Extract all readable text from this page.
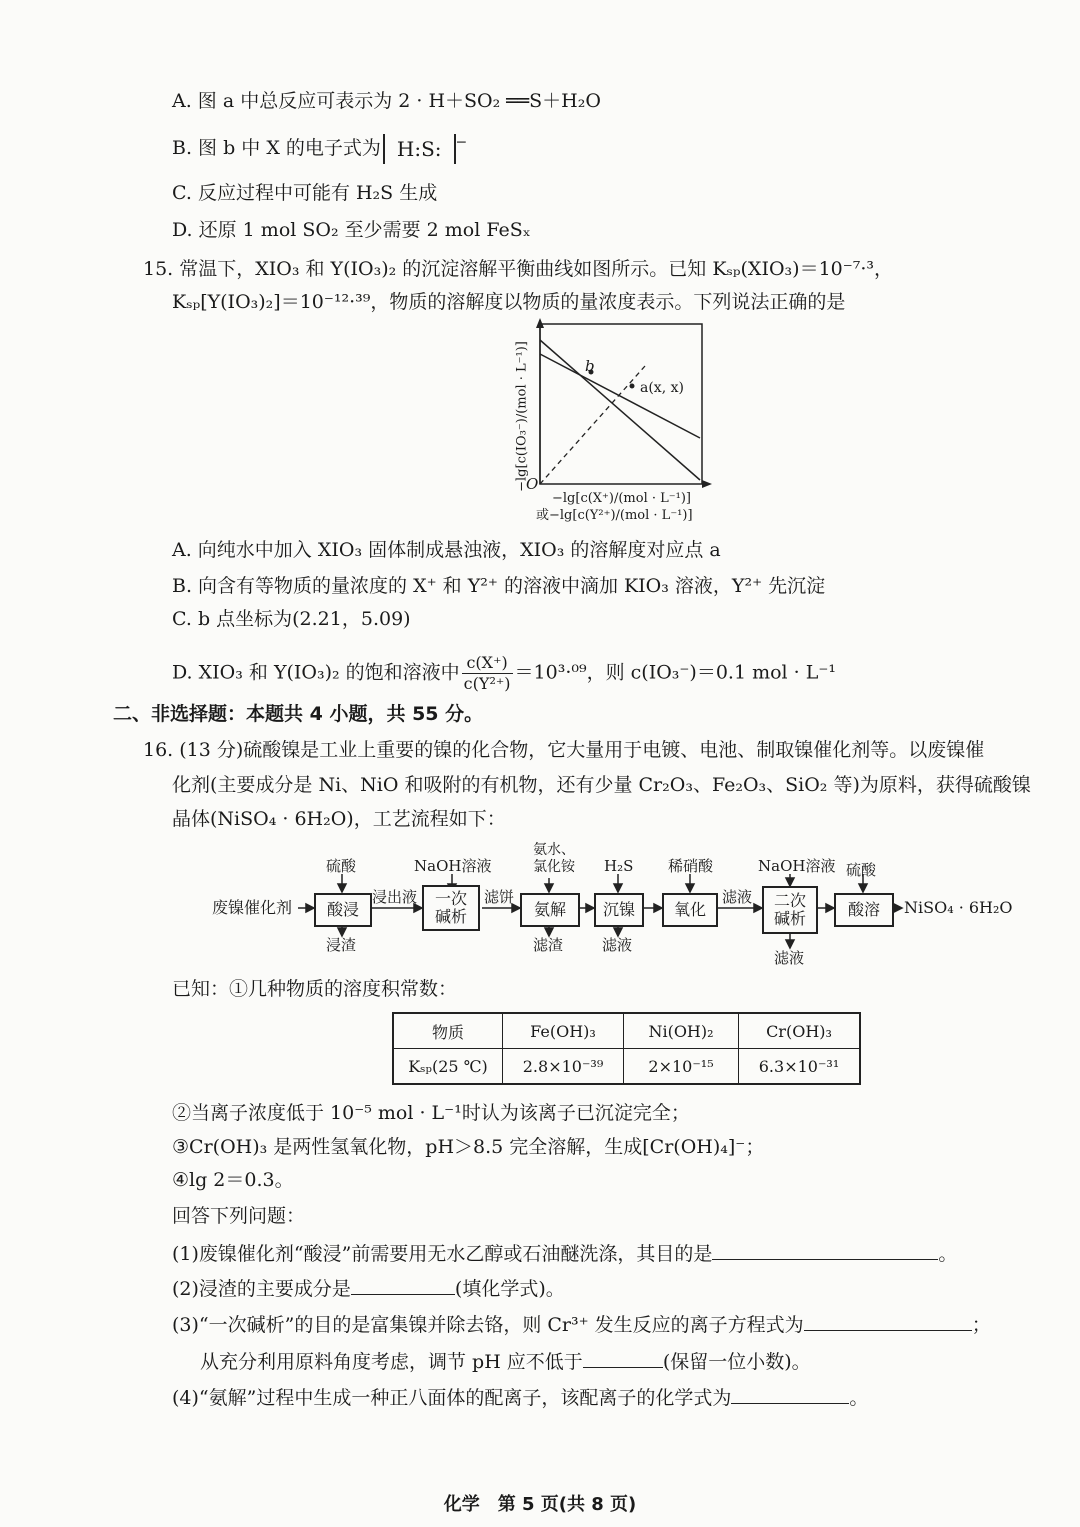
A. 图 a 中总反应可表示为 2 · H＋SO₂ ══S＋H₂O
B. 图 b 中 X 的电子式为 H:S: −
C. 反应过程中可能有 H₂S 生成
D. 还原 1 mol SO₂ 至少需要 2 mol FeSₓ
15. 常温下，XIO₃ 和 Y(IO₃)₂ 的沉淀溶解平衡曲线如图所示。已知 Kₛₚ(XIO₃)＝10⁻⁷·³，
Kₛₚ[Y(IO₃)₂]＝10⁻¹²·³⁹，物质的溶解度以物质的量浓度表示。下列说法正确的是
b
a(x, x)
O
−lg[c(IO₃⁻)/(mol · L⁻¹)]
−lg[c(X⁺)/(mol · L⁻¹)]
或−lg[c(Y²⁺)/(mol · L⁻¹)]
A. 向纯水中加入 XIO₃ 固体制成悬浊液，XIO₃ 的溶解度对应点 a
B. 向含有等物质的量浓度的 X⁺ 和 Y²⁺ 的溶液中滴加 KIO₃ 溶液，Y²⁺ 先沉淀
C. b 点坐标为(2.21，5.09)
D. XIO₃ 和 Y(IO₃)₂ 的饱和溶液中 $\frac{c(X^+)}{\text{c(Y²⁺)}} =10^3\cdot^{09}$，则 c(IO₃⁻)＝0.1 mol · L⁻¹
二、非选择题：本题共 4 小题，共 55 分。
16. (13 分)硫酸镍是工业上重要的镍的化合物，它大量用于电镀、电池、制取镍催化剂等。以废镍催
化剂(主要成分是 Ni、NiO 和吸附的有机物，还有少量 Cr₂O₃、Fe₂O₃、SiO₂ 等)为原料，获得硫酸镍
晶体(NiSO₄ · 6H₂O)，工艺流程如下：
废镍催化剂	酸浸
硫酸
浸渣
浸出液	一次碱析
NaOH溶液
滤饼
氨解
氨水、氯化铵
滤渣
沉镍
H₂S
滤液
氧化
稀硝酸
滤液	二次碱析
NaOH溶液
滤液
酸溶
硫酸
NiSO₄ · 6H₂O
已知：①几种物质的溶度积常数：
物质	Fe(OH)₃	Ni(OH)₂	Cr(OH)₃
Kₛₚ(25 ℃)	2.8×10⁻³⁹	2×10⁻¹⁵	6.3×10⁻³¹
②当离子浓度低于 10⁻⁵ mol · L⁻¹时认为该离子已沉淀完全；
③Cr(OH)₃ 是两性氢氧化物，pH＞8.5 完全溶解，生成[Cr(OH)₄]⁻；
④lg 2＝0.3。
回答下列问题：
(1)废镍催化剂“酸浸”前需要用无水乙醇或石油醚洗涤，其目的是	。
(2)浸渣的主要成分是	(填化学式)。
(3)“一次碱析”的目的是富集镍并除去铬，则 Cr³⁺ 发生反应的离子方程式为	；
从充分利用原料角度考虑，调节 pH 应不低于	(保留一位小数)。
(4)“氨解”过程中生成一种正八面体的配离子，该配离子的化学式为	。
化学　第 5 页(共 8 页)
